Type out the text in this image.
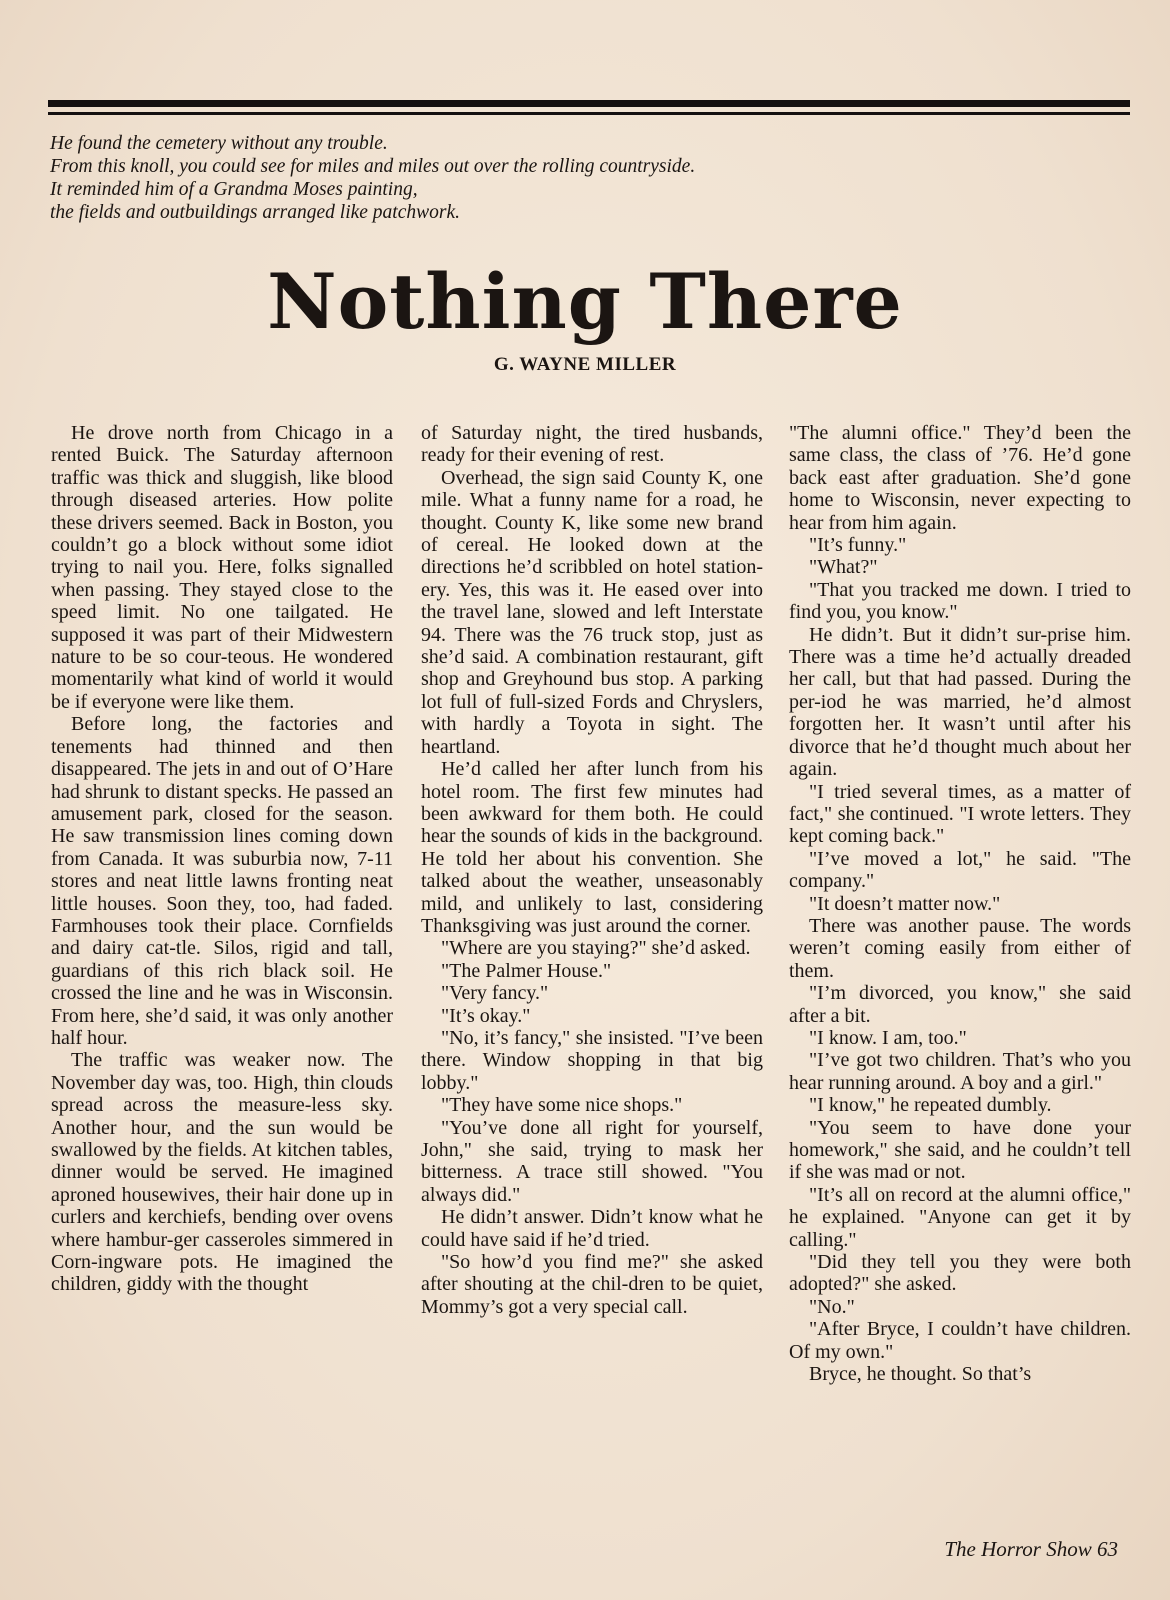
He found the cemetery without any trouble.
From this knoll, you could see for miles and miles out over the rolling countryside.
It reminded him of a Grandma Moses painting,
the fields and outbuildings arranged like patchwork.
Nothing There
G. WAYNE MILLER

He drove north from Chicago in a rented Buick. The Saturday afternoon traffic was thick and sluggish, like blood through diseased arteries. How polite these drivers seemed. Back in Boston, you couldn’t go a block without some idiot trying to nail you. Here, folks signalled when passing. They stayed close to the speed limit. No one tailgated. He supposed it was part of their Midwestern nature to be so cour-teous. He wondered momentarily what kind of world it would be if everyone were like them.

Before long, the factories and tenements had thinned and then disappeared. The jets in and out of O’Hare had shrunk to distant specks. He passed an amusement park, closed for the season. He saw transmission lines coming down from Canada. It was suburbia now, 7-11 stores and neat little lawns fronting neat little houses. Soon they, too, had faded. Farmhouses took their place. Cornfields and dairy cat-tle. Silos, rigid and tall, guardians of this rich black soil. He crossed the line and he was in Wisconsin. From here, she’d said, it was only another half hour.

The traffic was weaker now. The November day was, too. High, thin clouds spread across the measure-less sky. Another hour, and the sun would be swallowed by the fields. At kitchen tables, dinner would be served. He imagined aproned housewives, their hair done up in curlers and kerchiefs, bending over ovens where hambur-ger casseroles simmered in Corn-ingware pots. He imagined the children, giddy with the thought

of Saturday night, the tired husbands, ready for their evening of rest.

Overhead, the sign said County K, one mile. What a funny name for a road, he thought. County K, like some new brand of cereal. He looked down at the directions he’d scribbled on hotel station-ery. Yes, this was it. He eased over into the travel lane, slowed and left Interstate 94. There was the 76 truck stop, just as she’d said. A combination restaurant, gift shop and Greyhound bus stop. A parking lot full of full-sized Fords and Chryslers, with hardly a Toyota in sight. The heartland.

He’d called her after lunch from his hotel room. The first few minutes had been awkward for them both. He could hear the sounds of kids in the background. He told her about his convention. She talked about the weather, unseasonably mild, and unlikely to last, considering Thanksgiving was just around the corner.

"Where are you staying?" she’d asked.

"The Palmer House."

"Very fancy."

"It’s okay."

"No, it’s fancy," she insisted. "I’ve been there. Window shopping in that big lobby."

"They have some nice shops."

"You’ve done all right for yourself, John," she said, trying to mask her bitterness. A trace still showed. "You always did."

He didn’t answer. Didn’t know what he could have said if he’d tried.

"So how’d you find me?" she asked after shouting at the chil-dren to be quiet, Mommy’s got a very special call.

"The alumni office." They’d been the same class, the class of ’76. He’d gone back east after graduation. She’d gone home to Wisconsin, never expecting to hear from him again.

"It’s funny."

"What?"

"That you tracked me down. I tried to find you, you know."

He didn’t. But it didn’t sur-prise him. There was a time he’d actually dreaded her call, but that had passed. During the per-iod he was married, he’d almost forgotten her. It wasn’t until after his divorce that he’d thought much about her again.

"I tried several times, as a matter of fact," she continued. "I wrote letters. They kept coming back."

"I’ve moved a lot," he said. "The company."

"It doesn’t matter now."

There was another pause. The words weren’t coming easily from either of them.

"I’m divorced, you know," she said after a bit.

"I know. I am, too."

"I’ve got two children. That’s who you hear running around. A boy and a girl."

"I know," he repeated dumbly.

"You seem to have done your homework," she said, and he couldn’t tell if she was mad or not.

"It’s all on record at the alumni office," he explained. "Anyone can get it by calling."

"Did they tell you they were both adopted?" she asked.

"No."

"After Bryce, I couldn’t have children. Of my own."

Bryce, he thought. So that’s

The Horror Show 63
